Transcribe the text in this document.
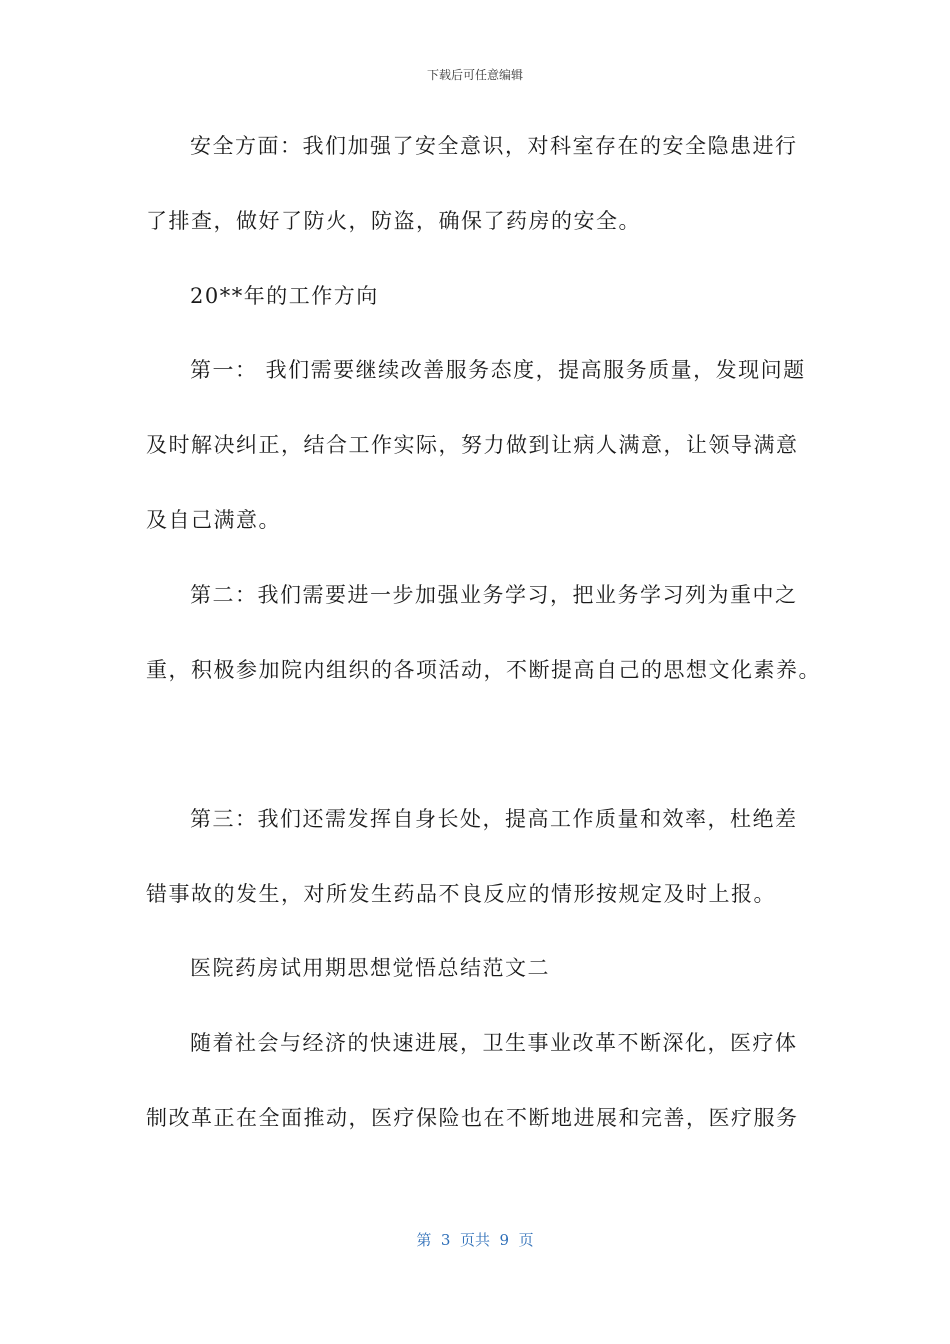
下载后可任意编辑
安全方面：我们加强了安全意识，对科室存在的安全隐患进行
了排查，做好了防火，防盗，确保了药房的安全。
20**年的工作方向
第一： 我们需要继续改善服务态度，提高服务质量，发现问题
及时解决纠正，结合工作实际，努力做到让病人满意，让领导满意
及自己满意。
第二：我们需要进一步加强业务学习，把业务学习列为重中之
重，积极参加院内组织的各项活动，不断提高自己的思想文化素养。
第三：我们还需发挥自身长处，提高工作质量和效率，杜绝差
错事故的发生，对所发生药品不良反应的情形按规定及时上报。
医院药房试用期思想觉悟总结范文二
随着社会与经济的快速进展，卫生事业改革不断深化，医疗体
制改革正在全面推动，医疗保险也在不断地进展和完善，医疗服务
第  3  页共  9  页
